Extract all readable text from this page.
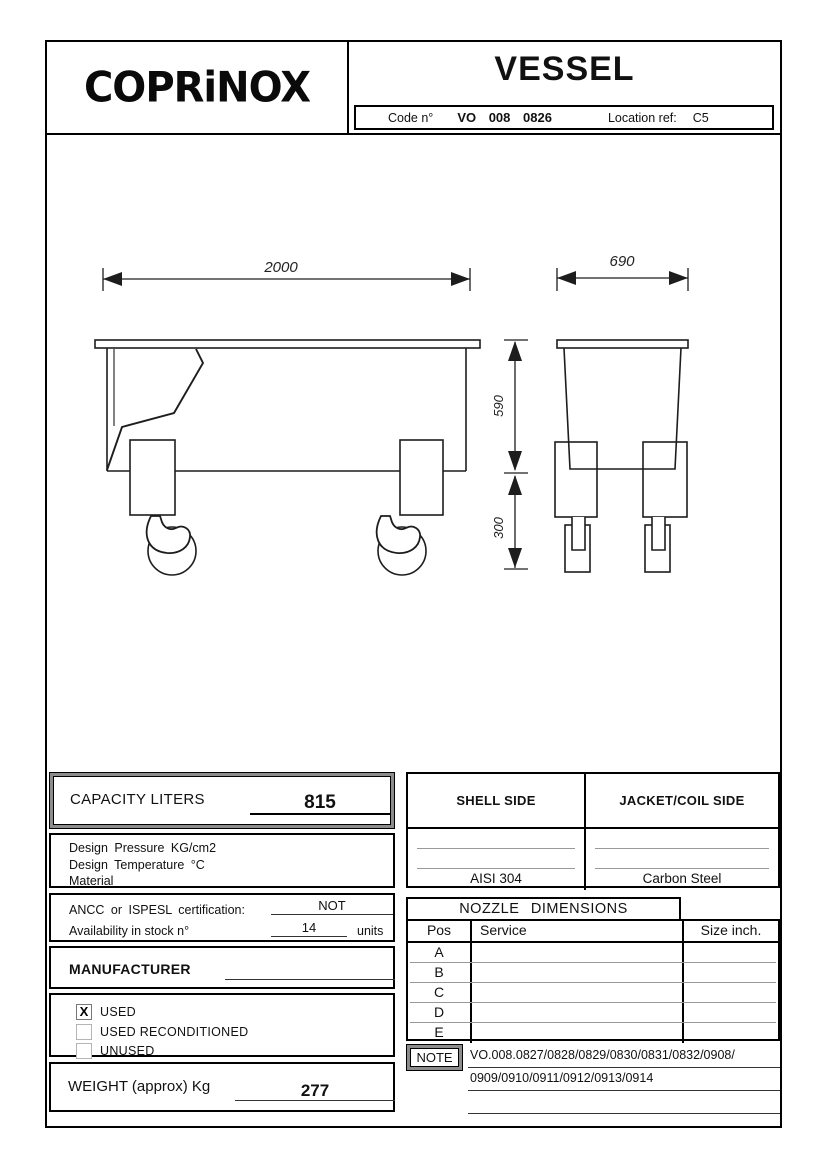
COPRiNOX	VESSEL
Code n° VO 008 0826	Location ref: C5
2000	690
590
300
CAPACITY LITERS	815
Design Pressure KG/cm2
Design Temperature °C
Material
ANCC or ISPESL certification:	NOT
Availability in stock n°	14	units
MANUFACTURER
X USED
USED RECONDITIONED
UNUSED
WEIGHT (approx) Kg	277
SHELL SIDE	JACKET/COIL SIDE
AISI 304	Carbon Steel
NOZZLE DIMENSIONS
Pos	Service	Size inch.
A
B
C
D
E
NOTE	VO.008.0827/0828/0829/0830/0831/0832/0908/
0909/0910/0911/0912/0913/0914
